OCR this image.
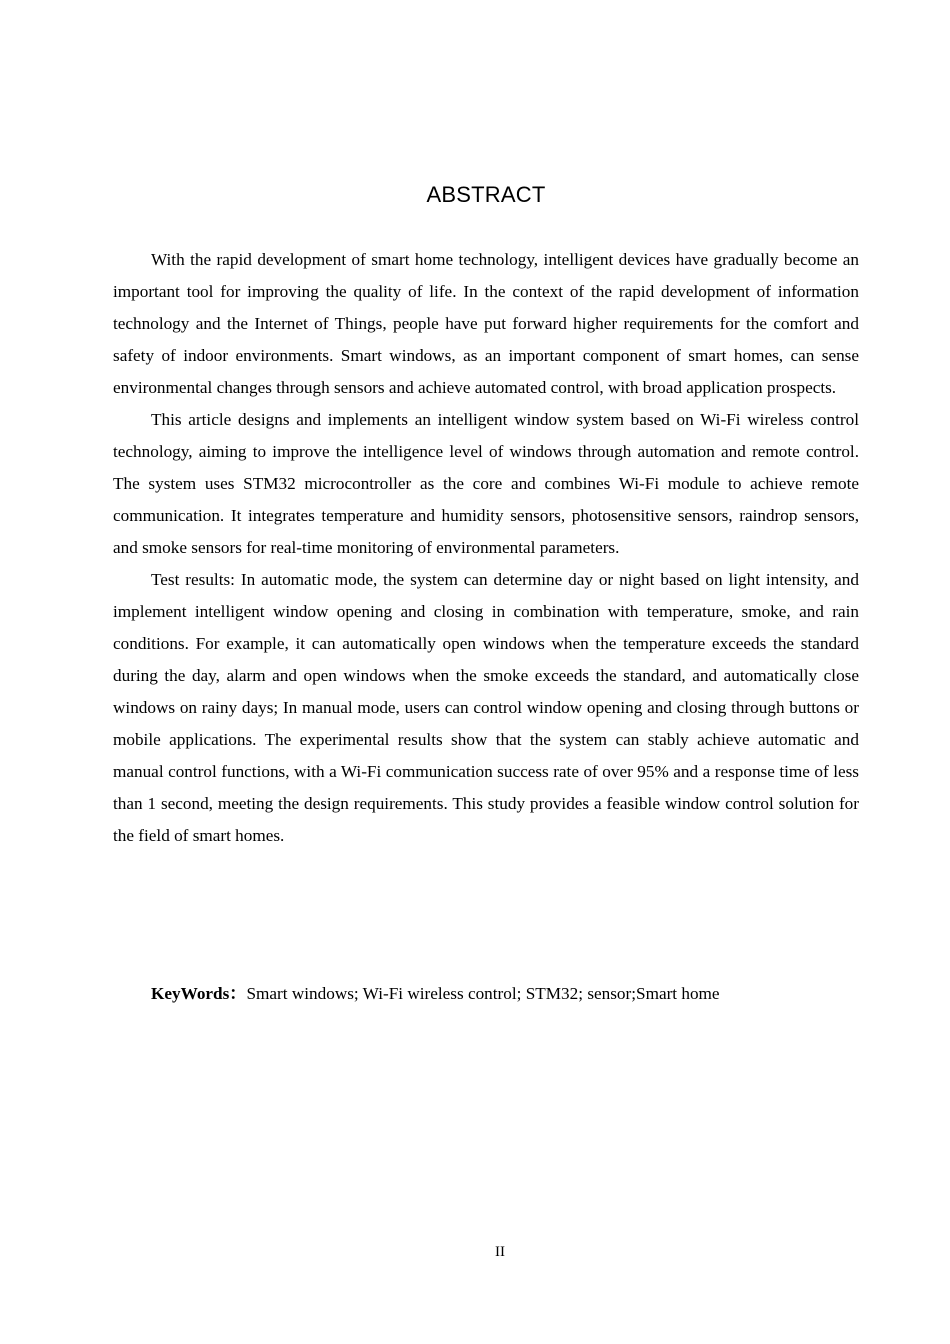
ABSTRACT

With the rapid development of smart home technology, intelligent devices have gradually become an important tool for improving the quality of life. In the context of the rapid development of information technology and the Internet of Things, people have put forward higher requirements for the comfort and safety of indoor environments. Smart windows, as an important component of smart homes, can sense environmental changes through sensors and achieve automated control, with broad application prospects.

This article designs and implements an intelligent window system based on Wi-Fi wireless control technology, aiming to improve the intelligence level of windows through automation and remote control. The system uses STM32 microcontroller as the core and combines Wi-Fi module to achieve remote communication. It integrates temperature and humidity sensors, photosensitive sensors, raindrop sensors, and smoke sensors for real-time monitoring of environmental parameters.

Test results: In automatic mode, the system can determine day or night based on light intensity, and implement intelligent window opening and closing in combination with temperature, smoke, and rain conditions. For example, it can automatically open windows when the temperature exceeds the standard during the day, alarm and open windows when the smoke exceeds the standard, and automatically close windows on rainy days; In manual mode, users can control window opening and closing through buttons or mobile applications. The experimental results show that the system can stably achieve automatic and manual control functions, with a Wi-Fi communication success rate of over 95% and a response time of less than 1 second, meeting the design requirements. This study provides a feasible window control solution for the field of smart homes.

KeyWords：Smart windows; Wi-Fi wireless control; STM32; sensor;Smart home
II
